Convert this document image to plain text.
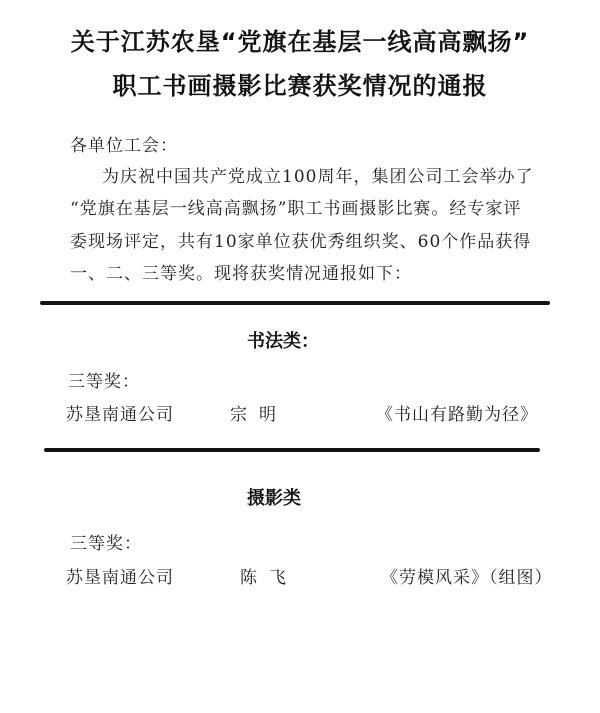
关于江苏农垦“党旗在基层一线高高飘扬”
职工书画摄影比赛获奖情况的通报
各单位工会：
为庆祝中国共产党成立100周年，集团公司工会举办了
“党旗在基层一线高高飘扬”职工书画摄影比赛。经专家评
委现场评定，共有10家单位获优秀组织奖、60个作品获得
一、二、三等奖。现将获奖情况通报如下：
书法类：
三等奖：
苏垦南通公司	宗明	《书山有路勤为径》
摄影类
三等奖：
苏垦南通公司	陈飞	《劳模风采》（组图）
